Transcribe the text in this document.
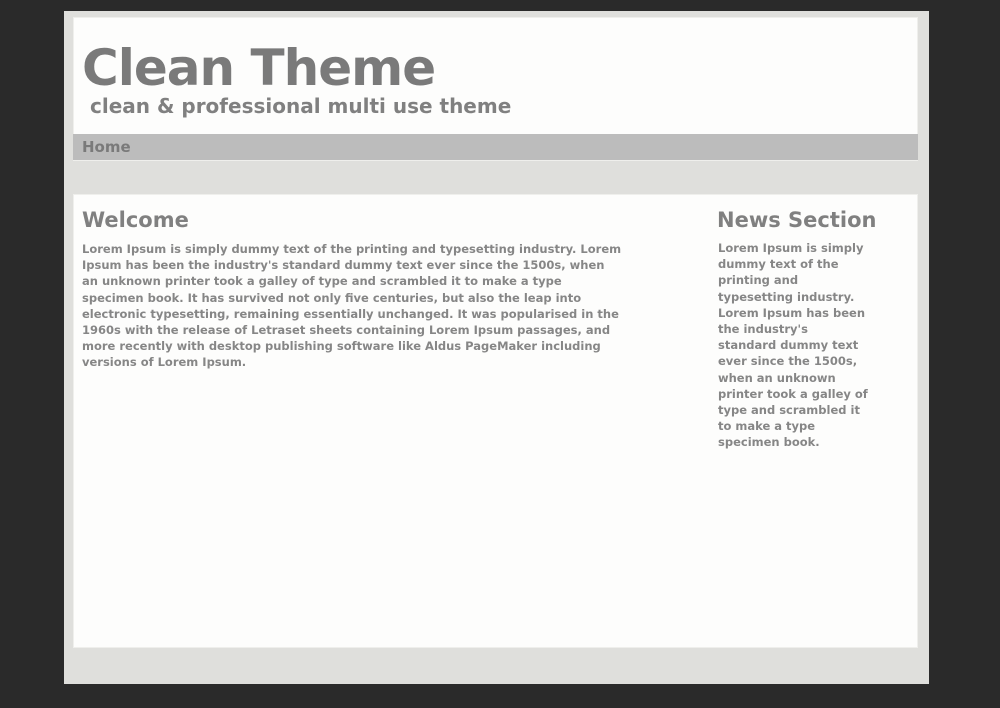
Clean Theme
clean & professional multi use theme
Home
Welcome

Lorem Ipsum is simply dummy text of the printing and typesetting industry. Lorem Ipsum has been the industry's standard dummy text ever since the 1500s, when an unknown printer took a galley of type and scrambled it to make a type specimen book. It has survived not only five centuries, but also the leap into electronic typesetting, remaining essentially unchanged. It was popularised in the 1960s with the release of Letraset sheets containing Lorem Ipsum passages, and more recently with desktop publishing software like Aldus PageMaker including versions of Lorem Ipsum.

News Section

Lorem Ipsum is simply dummy text of the printing and typesetting industry. Lorem Ipsum has been the industry's standard dummy text ever since the 1500s, when an unknown printer took a galley of type and scrambled it to make a type specimen book.
